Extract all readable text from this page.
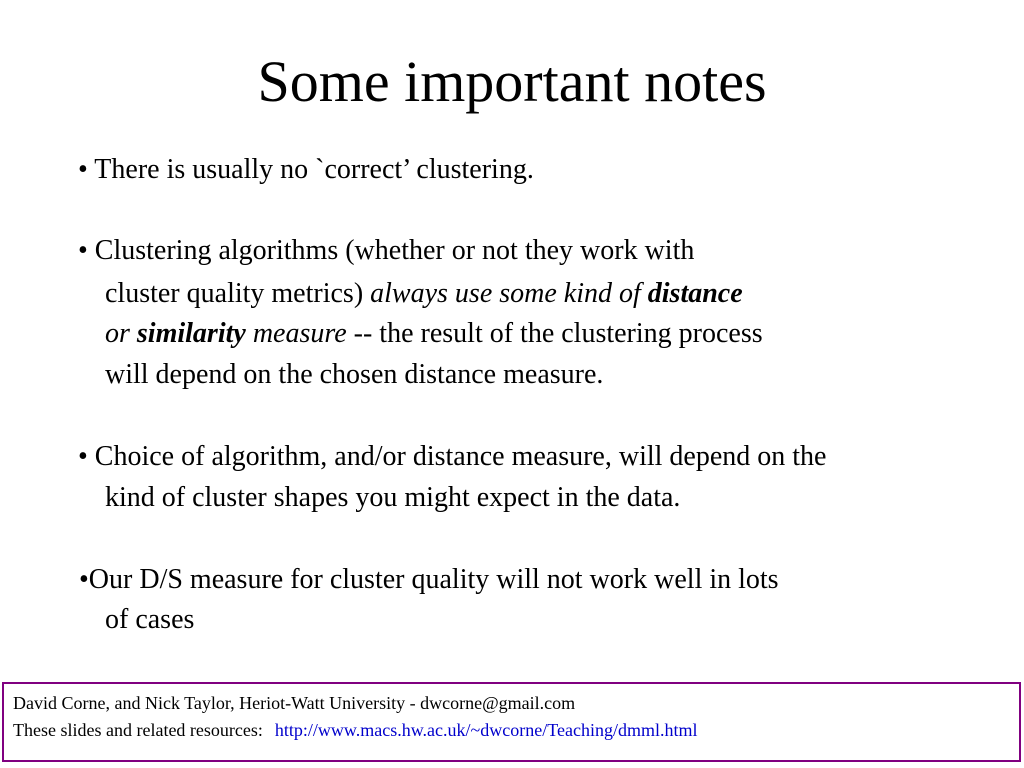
Some important notes
• There is usually no `correct’ clustering.
• Clustering algorithms (whether or not they work with
cluster quality metrics) always use some kind of distance
or similarity measure -- the result of the clustering process
will depend on the chosen distance measure.
• Choice of algorithm, and/or distance measure, will depend on the
kind of cluster shapes you might expect in the data.
•Our D/S measure for cluster quality will not work well in lots
of cases
David Corne, and Nick Taylor, Heriot-Watt University - dwcorne@gmail.com
These slides and related resources: http://www.macs.hw.ac.uk/~dwcorne/Teaching/dmml.html
